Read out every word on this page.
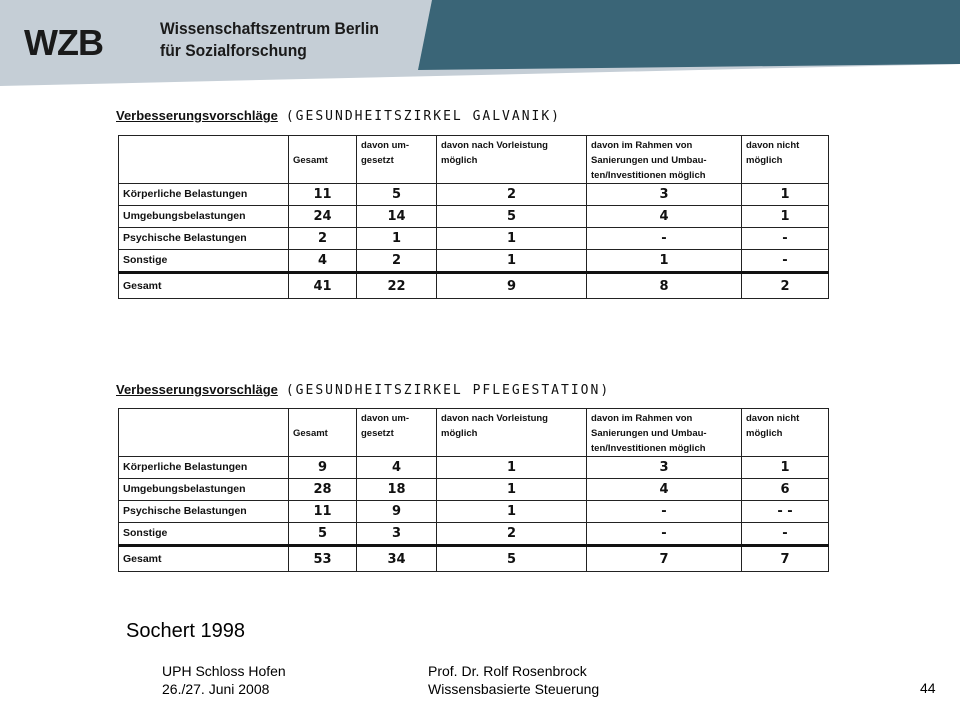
WZB	Wissenschaftszentrum Berlin
für Sozialforschung
Verbesserungsvorschläge (GESUNDHEITSZIRKEL GALVANIK)
	Gesamt	davon um- gesetzt	davon nach Vorleistung möglich	davon im Rahmen von Sanierungen und Umbau- ten/Investitionen möglich	davon nicht möglich
Körperliche Belastungen	11	5	2	3	1
Umgebungsbelastungen	24	14	5	4	1
Psychische Belastungen	2	1	1	-	-
Sonstige	4	2	1	1	-
Gesamt	41	22	9	8	2
Verbesserungsvorschläge (GESUNDHEITSZIRKEL PFLEGESTATION)
	Gesamt	davon um- gesetzt	davon nach Vorleistung möglich	davon im Rahmen von Sanierungen und Umbau- ten/Investitionen möglich	davon nicht möglich
Körperliche Belastungen	9	4	1	3	1
Umgebungsbelastungen	28	18	1	4	6
Psychische Belastungen	11	9	1	-	- -
Sonstige	5	3	2	-	-
Gesamt	53	34	5	7	7
Sochert 1998
UPH Schloss Hofen
26./27. Juni 2008
Prof. Dr. Rolf Rosenbrock
Wissensbasierte Steuerung	44
